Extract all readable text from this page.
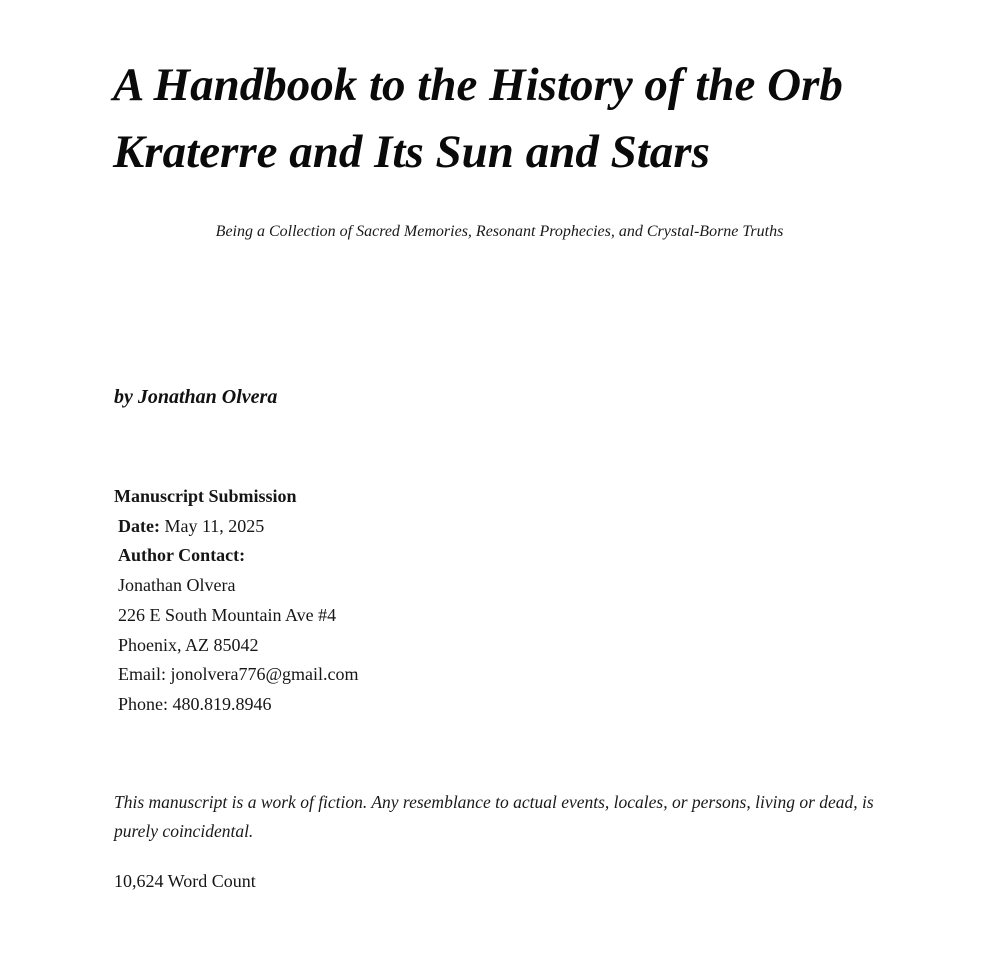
A Handbook to the History of the Orb Kraterre and Its Sun and Stars
Being a Collection of Sacred Memories, Resonant Prophecies, and Crystal-Borne Truths
by Jonathan Olvera
Manuscript Submission
Date: May 11, 2025
Author Contact:
Jonathan Olvera
226 E South Mountain Ave #4
Phoenix, AZ 85042
Email: jonolvera776@gmail.com
Phone: 480.819.8946
This manuscript is a work of fiction. Any resemblance to actual events, locales, or persons, living or dead, is purely coincidental.
10,624 Word Count
